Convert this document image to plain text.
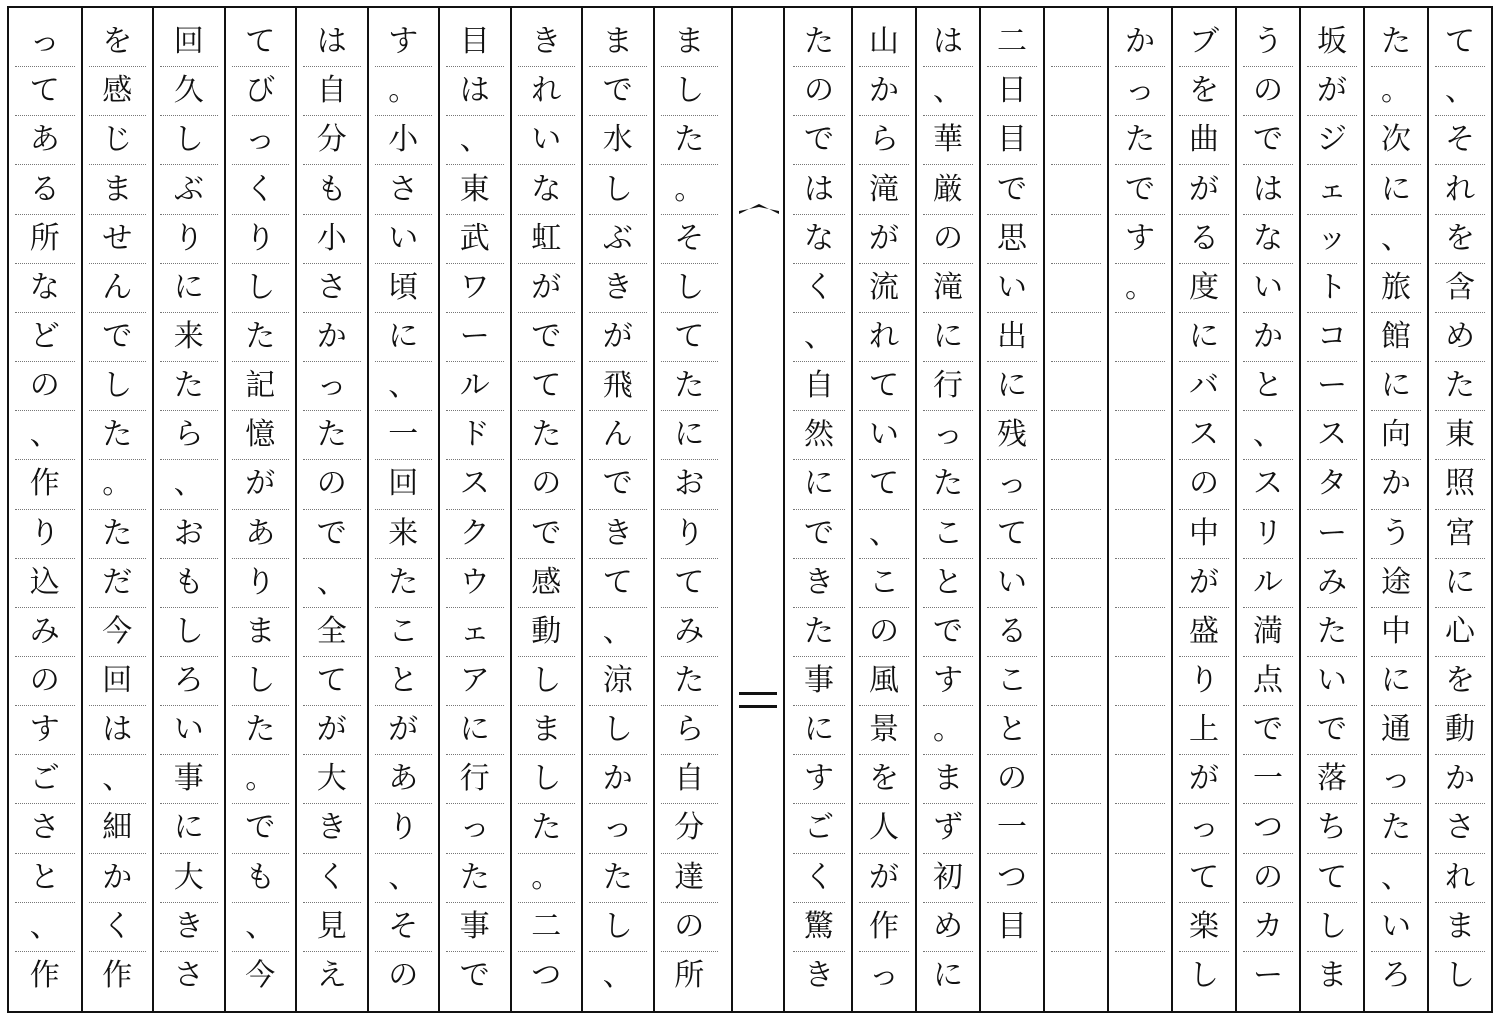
て
、
そ
れ
を
含
め
た
東
照
宮
に
心
を
動
か
さ
れ
ま
し
た
。
次
に
、
旅
館
に
向
か
う
途
中
に
通
っ
た
、
い
ろ
坂
が
ジ
ェ
ッ
ト
コ
ー
ス
タ
ー
み
た
い
で
落
ち
て
し
ま
う
の
で
は
な
い
か
と
、
ス
リ
ル
満
点
で
一
つ
の
カ
ー
ブ
を
曲
が
る
度
に
バ
ス
の
中
が
盛
り
上
が
っ
て
楽
し
か
っ
た
で
す
。
二
日
目
で
思
い
出
に
残
っ
て
い
る
こ
と
の
一
つ
目
は
、
華
厳
の
滝
に
行
っ
た
こ
と
で
す
。
ま
ず
初
め
に
山
か
ら
滝
が
流
れ
て
い
て
、
こ
の
風
景
を
人
が
作
っ
た
の
で
は
な
く
、
自
然
に
で
き
た
事
に
す
ご
く
驚
き
ま
し
た
。
そ
し
て
た
に
お
り
て
み
た
ら
自
分
達
の
所
ま
で
水
し
ぶ
き
が
飛
ん
で
き
て
、
涼
し
か
っ
た
し
、
き
れ
い
な
虹
が
で
て
た
の
で
感
動
し
ま
し
た
。
二
つ
目
は
、
東
武
ワ
ー
ル
ド
ス
ク
ウ
ェ
ア
に
行
っ
た
事
で
す
。
小
さ
い
頃
に
、
一
回
来
た
こ
と
が
あ
り
、
そ
の
は
自
分
も
小
さ
か
っ
た
の
で
、
全
て
が
大
き
く
見
え
て
び
っ
く
り
し
た
記
憶
が
あ
り
ま
し
た
。
で
も
、
今
回
久
し
ぶ
り
に
来
た
ら
、
お
も
し
ろ
い
事
に
大
き
さ
を
感
じ
ま
せ
ん
で
し
た
。
た
だ
今
回
は
、
細
か
く
作
っ
て
あ
る
所
な
ど
の
、
作
り
込
み
の
す
ご
さ
と
、
作
